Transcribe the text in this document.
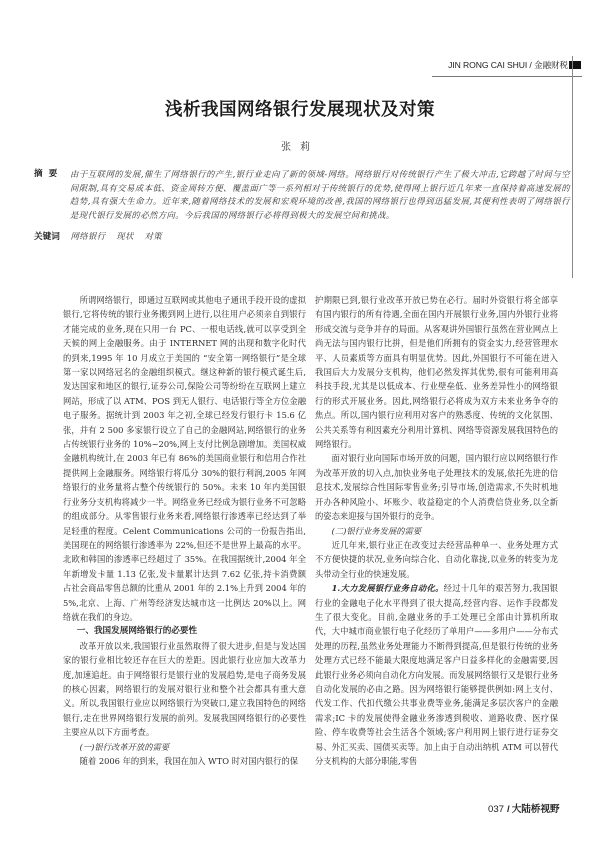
JIN RONG CAI SHUI / 金融财税
浅析我国网络银行发展现状及对策
张莉
摘要 由于互联网的发展,催生了网络银行的产生,银行业走向了新的领域-网络。网络银行对传统银行产生了极大冲击,它跨越了时间与空间限制,具有交易成本低、资金周转方便、覆盖面广等一系列相对于传统银行的优势,使得网上银行近几年来一直保持着高速发展的趋势,具有强大生命力。近年来,随着网络技术的发展和宏观环境的改善,我国的网络银行也得到迅猛发展,其便利性表明了网络银行是现代银行发展的必然方向。今后我国的网络银行必将得到极大的发展空间和挑战。
关键词 网络银行 现状 对策

所谓网络银行，即通过互联网或其他电子通讯手段开设的虚拟银行,它将传统的银行业务搬到网上进行,以往用户必须亲自到银行才能完成的业务,现在只用一台 PC、一根电话线,就可以享受到全天候的网上金融服务。由于 INTERNET 网的出现和数字化时代的到来,1995 年 10 月成立于美国的 “安全第一网络银行”是全球第一家以网络冠名的金融组织模式。继这种新的银行模式诞生后,发达国家和地区的银行,证券公司,保险公司等纷纷在互联网上建立网站，形成了以 ATM、POS 到无人银行、电话银行等全方位金融电子服务。据统计到 2003 年之初,全球已经发行银行卡 15.6 亿张，并有 2 500 多家银行设立了自己的金融网站,网络银行的业务占传统银行业务的 10%~20%,网上支付比例急剧增加。美国权威金融机构统计,在 2003 年已有 86%的美国商业银行和信用合作社提供网上金融服务。网络银行将瓜分 30%的银行利润,2005 年网络银行的业务量将占整个传统银行的 50%。未来 10 年内美国银行业务分支机构将减少一半。网络业务已经成为银行业务不可忽略的组成部分。从零售银行业务来看,网络银行渗透率已经达到了举足轻重的程度。Celent Communications 公司的一份报告指出,美国现在的网络银行渗透率为 22%,但还不是世界上最高的水平。北欧和韩国的渗透率已经超过了 35%。在我国据统计,2004 年全年新增发卡量 1.13 亿张,发卡量累计达到 7.62 亿张,持卡消费额占社会商品零售总额的比重从 2001 年的 2.1%上升到 2004 年的 5%,北京、上海、广州等经济发达城市这一比例达 20%以上。网络就在我们的身边。

一、我国发展网络银行的必要性

改革开放以来,我国银行业虽然取得了很大进步,但是与发达国家的银行业相比较还存在巨大的差距。因此银行业应加大改革力度,加速追赶。由于网络银行是银行业的发展趋势,是电子商务发展的核心因素，网络银行的发展对银行业和整个社会都具有重大意义。所以,我国银行业应以网络银行为突破口,建立我国特色的网络银行,走在世界网络银行发展的前列。发展我国网络银行的必要性主要应从以下方面考查。

(一)银行改革开放的需要

随着 2006 年的到来，我国在加入 WTO 时对国内银行的保

护期限已到,银行业改革开放已势在必行。届时外资银行将全部享有国内银行的所有待遇,全面在国内开展银行业务,国内外银行业将形成交流与竞争并存的局面。从客观讲外国银行虽然在营业网点上尚无法与国内银行比拼，但是他们所拥有的资金实力,经营管理水平、人员素质等方面具有明显优势。因此,外国银行不可能在进入我国后大力发展分支机构，他们必然发挥其优势,很有可能利用高科技手段,尤其是以低成本、行业壁垒低、业务差异性小的网络银行的形式开展业务。因此,网络银行必将成为双方未来业务争夺的焦点。所以,国内银行应利用对客户的熟悉度、传统的文化氛围、公共关系等有利因素充分利用计算机、网络等资源发展我国特色的网络银行。

面对银行业向国际市场开放的问题，国内银行应以网络银行作为改革开放的切入点,加快业务电子处理技术的发展,依托先进的信息技术,发展综合性国际零售业务;引导市场,创造需求,不失时机地开办各种风险小、坏账少、收益稳定的个人消费信贷业务,以全新的姿态来迎接与国外银行的竞争。

(二)银行业务发展的需要

近几年来,银行业正在改变过去经营品种单一、业务处理方式不方便快捷的状况,业务向综合化、自动化靠拢,以业务的转变为龙头带动全行业的快速发展。

1.大力发展银行业务自动化。经过十几年的艰苦努力,我国银行业的金融电子化水平得到了很大提高,经营内容、运作手段都发生了很大变化。目前,金融业务的手工处理已全部由计算机所取代，大中城市商业银行电子化经历了单用户——多用户——分布式处理的历程,虽然业务处理能力不断得到提高,但是银行传统的业务处理方式已经不能最大限度地满足客户日益多样化的金融需要,因此银行业务必须向自动化方向发展。而发展网络银行又是银行业务自动化发展的必由之路。因为网络银行能够提供例如:网上支付、代发工作、代扣代缴公共事业费等业务,能满足多层次客户的金融需求;IC 卡的发展使得金融业务渗透到税收、道路收费、医疗保险、停车收费等社会生活各个领域;客户利用网上银行进行证券交易、外汇买卖、国债买卖等。加上由于自动出纳机 ATM 可以替代分支机构的大部分职能,零售

037 / 大陆桥视野
